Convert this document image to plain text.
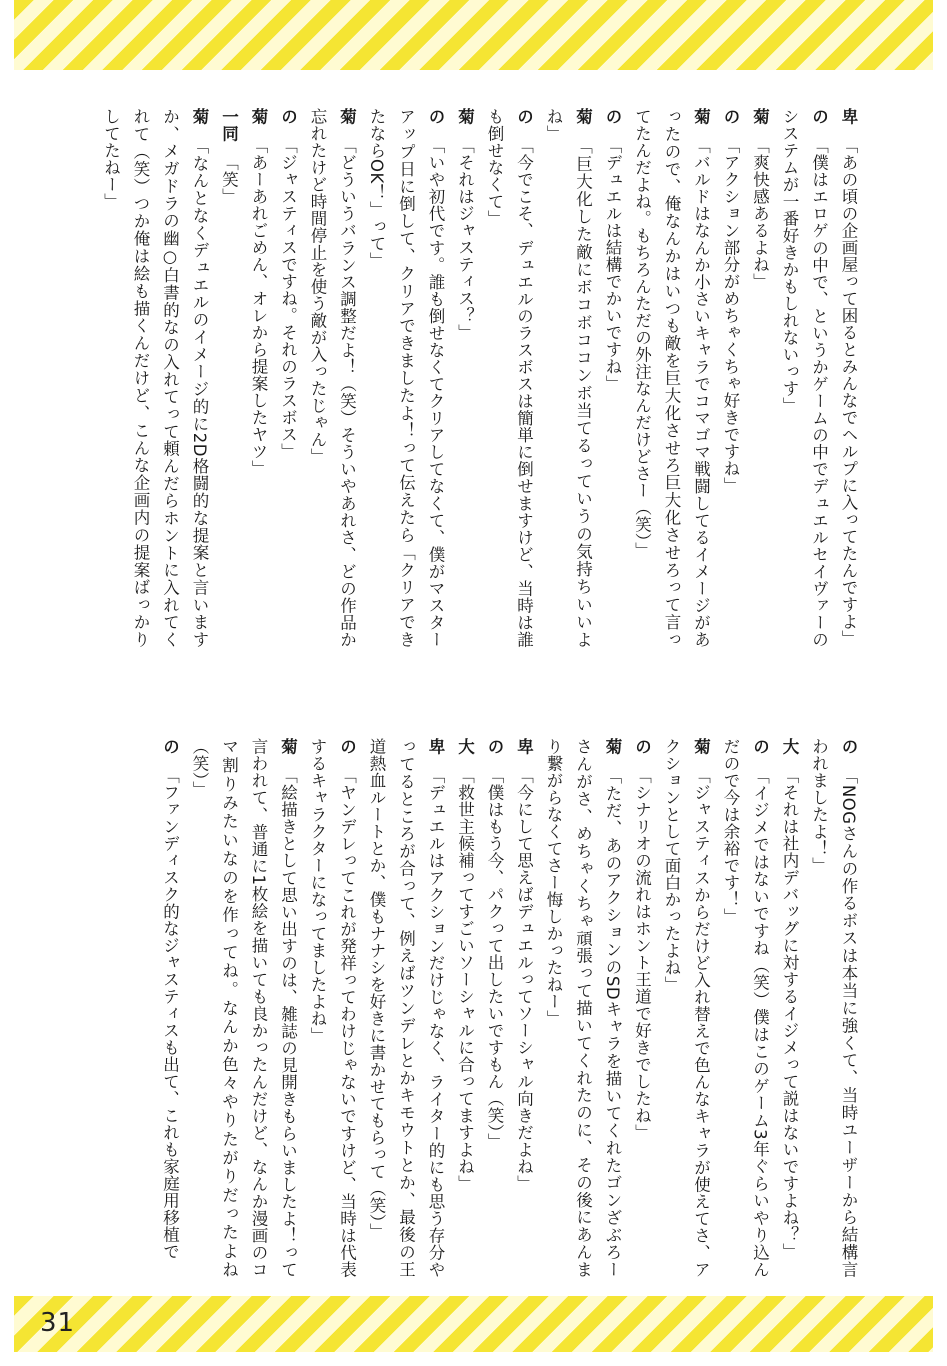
卑「あの頃の企画屋って困るとみんなでヘルプに入ってたんですよ」

の「僕はエロゲの中で、というかゲームの中でデュエルセイヴァーのシステムが一番好きかもしれないっす」

菊「爽快感あるよね」

の「アクション部分がめちゃくちゃ好きですね」

菊「バルドはなんか小さいキャラでコマゴマ戦闘してるイメージがあったので、俺なんかはいつも敵を巨大化させろ巨大化させろって言ってたんだよね。もちろんただの外注なんだけどさー（笑）」

の「デュエルは結構でかいですね」

菊「巨大化した敵にボコボココンボ当てるっていうの気持ちいいよね」

の「今でこそ、デュエルのラスボスは簡単に倒せますけど、当時は誰も倒せなくて」

菊「それはジャスティス？」

の「いや初代です。誰も倒せなくてクリアしてなくて、僕がマスターアップ日に倒して、クリアできましたよ！って伝えたら「クリアできたならOK！」って」

菊「どういうバランス調整だよ！（笑）そういやあれさ、どの作品か忘れたけど時間停止を使う敵が入ったじゃん」

の「ジャスティスですね。それのラスボス」

菊「あーあれごめん、オレから提案したヤツ」

一同「笑」

菊「なんとなくデュエルのイメージ的に2D格闘的な提案と言いますか、メガドラの幽○白書的なの入れてって頼んだらホントに入れてくれて（笑）つか俺は絵も描くんだけど、こんな企画内の提案ばっかりしてたねー」

の「NOGさんの作るボスは本当に強くて、当時ユーザーから結構言われましたよ！」

大「それは社内デバッグに対するイジメって説はないですよね？」

の「イジメではないですね（笑）僕はこのゲーム3年ぐらいやり込んだので今は余裕です！」

菊「ジャスティスからだけど入れ替えで色んなキャラが使えてさ、アクションとして面白かったよね」

の「シナリオの流れはホント王道で好きでしたね」

菊「ただ、あのアクションのSDキャラを描いてくれたゴンざぶろーさんがさ、めちゃくちゃ頑張って描いてくれたのに、その後にあんまり繋がらなくてさー悔しかったねー」

卑「今にして思えばデュエルってソーシャル向きだよね」

の「僕はもう今、パクって出したいですもん（笑）」

大「救世主候補ってすごいソーシャルに合ってますよね」

卑「デュエルはアクションだけじゃなく、ライター的にも思う存分やってるところが合って、例えばツンデレとかキモウトとか、最後の王道熱血ルートとか、僕もナナシを好きに書かせてもらって（笑）」

の「ヤンデレってこれが発祥ってわけじゃないですけど、当時は代表するキャラクターになってましたよね」

菊「絵描きとして思い出すのは、雑誌の見開きもらいましたよ！って言われて、普通に1枚絵を描いても良かったんだけど、なんか漫画のコマ割りみたいなのを作ってね。なんか色々やりたがりだったよね（笑）」

の「ファンディスク的なジャスティスも出て、これも家庭用移植で

31
